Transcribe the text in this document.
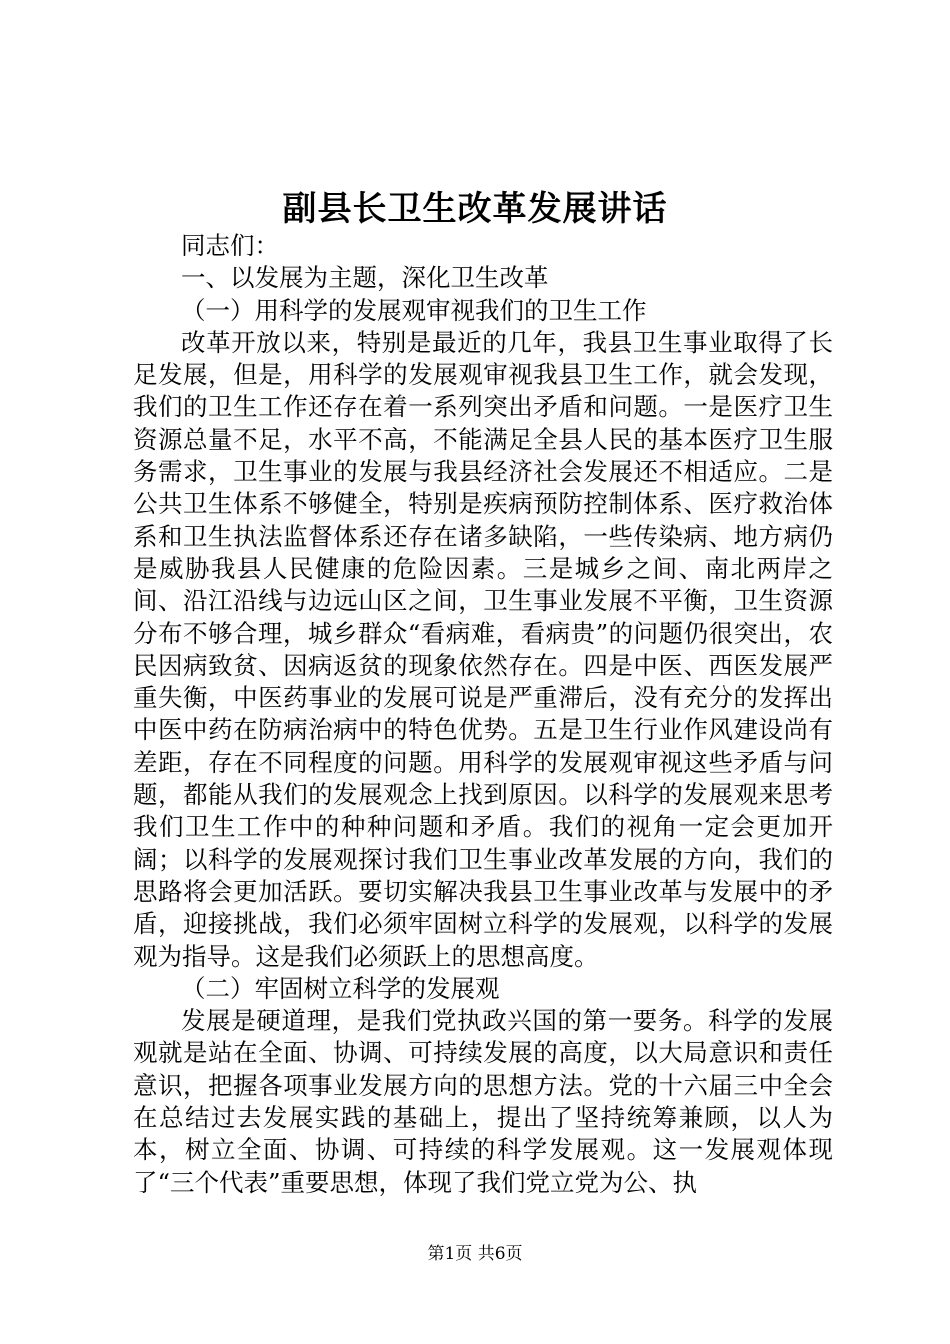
副县长卫生改革发展讲话

同志们：

一、以发展为主题，深化卫生改革

（一）用科学的发展观审视我们的卫生工作

改革开放以来，特别是最近的几年，我县卫生事业取得了长足发展，但是，用科学的发展观审视我县卫生工作，就会发现，我们的卫生工作还存在着一系列突出矛盾和问题。一是医疗卫生资源总量不足，水平不高，不能满足全县人民的基本医疗卫生服务需求，卫生事业的发展与我县经济社会发展还不相适应。二是公共卫生体系不够健全，特别是疾病预防控制体系、医疗救治体系和卫生执法监督体系还存在诸多缺陷，一些传染病、地方病仍是威胁我县人民健康的危险因素。三是城乡之间、南北两岸之间、沿江沿线与边远山区之间，卫生事业发展不平衡，卫生资源分布不够合理，城乡群众“看病难，看病贵”的问题仍很突出，农民因病致贫、因病返贫的现象依然存在。四是中医、西医发展严重失衡，中医药事业的发展可说是严重滞后，没有充分的发挥出中医中药在防病治病中的特色优势。五是卫生行业作风建设尚有差距，存在不同程度的问题。用科学的发展观审视这些矛盾与问题，都能从我们的发展观念上找到原因。以科学的发展观来思考我们卫生工作中的种种问题和矛盾。我们的视角一定会更加开阔；以科学的发展观探讨我们卫生事业改革发展的方向，我们的思路将会更加活跃。要切实解决我县卫生事业改革与发展中的矛盾，迎接挑战，我们必须牢固树立科学的发展观，以科学的发展观为指导。这是我们必须跃上的思想高度。

（二）牢固树立科学的发展观

发展是硬道理，是我们党执政兴国的第一要务。科学的发展观就是站在全面、协调、可持续发展的高度，以大局意识和责任意识，把握各项事业发展方向的思想方法。党的十六届三中全会在总结过去发展实践的基础上，提出了坚持统筹兼顾，以人为本，树立全面、协调、可持续的科学发展观。这一发展观体现了“三个代表”重要思想，体现了我们党立党为公、执

第1页 共6页
